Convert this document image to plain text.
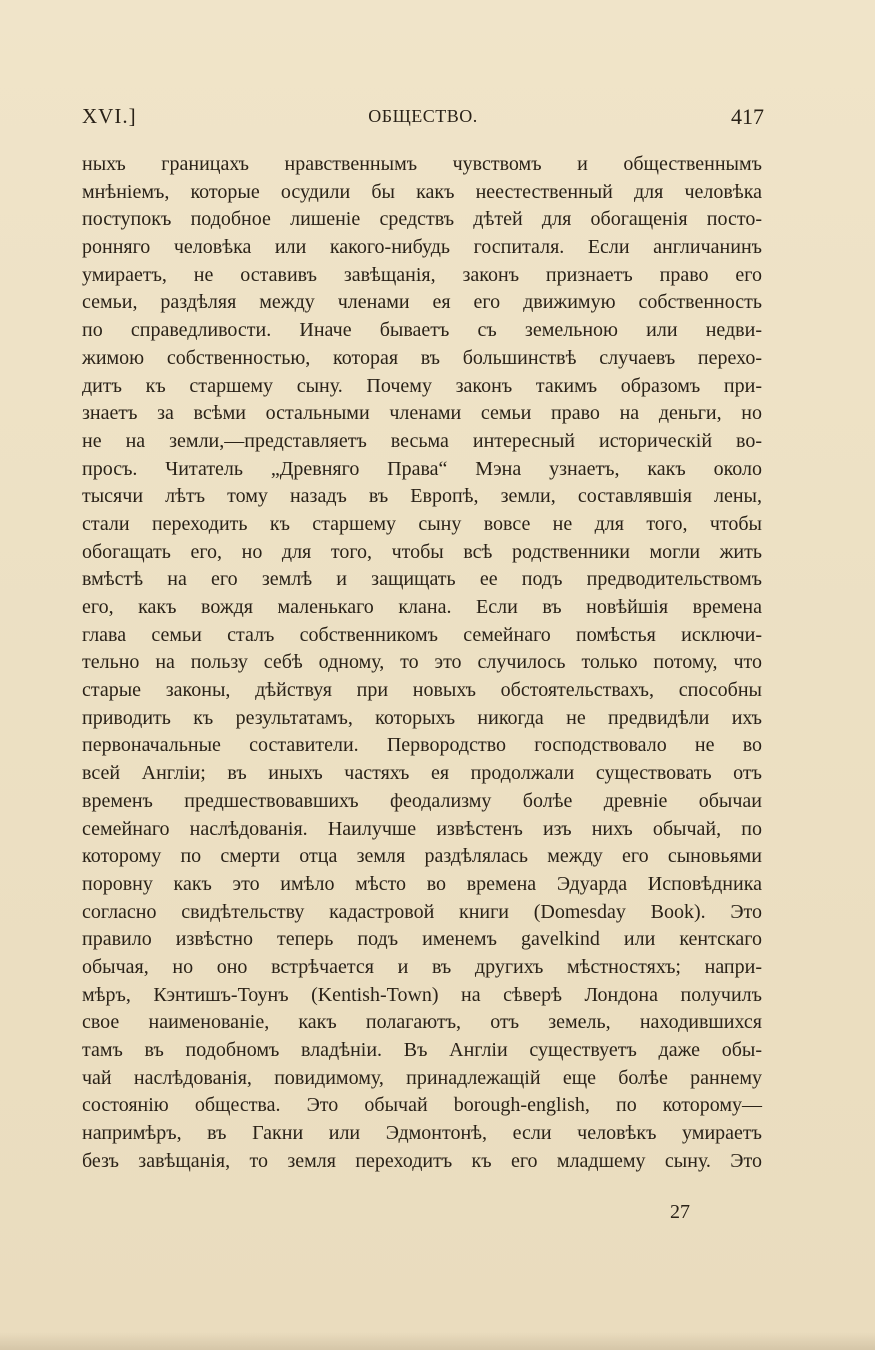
XVI.]	ОБЩЕСТВО.	417
ныхъ границахъ нравственнымъ чувствомъ и общественнымъ
мнѣніемъ, которые осудили бы какъ неестественный для человѣка
поступокъ подобное лишеніе средствъ дѣтей для обогащенія посто-
ронняго человѣка или какого-нибудь госпиталя. Если англичанинъ
умираетъ, не оставивъ завѣщанія, законъ признаетъ право его
семьи, раздѣляя между членами ея его движимую собственность
по справедливости. Иначе бываетъ съ земельною или недви-
жимою собственностью, которая въ большинствѣ случаевъ перехо-
дитъ къ старшему сыну. Почему законъ такимъ образомъ при-
знаетъ за всѣми остальными членами семьи право на деньги, но
не на земли,—представляетъ весьма интересный историческій во-
просъ. Читатель „Древняго Права“ Мэна узнаетъ, какъ около
тысячи лѣтъ тому назадъ въ Европѣ, земли, составлявшія лены,
стали переходить къ старшему сыну вовсе не для того, чтобы
обогащать его, но для того, чтобы всѣ родственники могли жить
вмѣстѣ на его землѣ и защищать ее подъ предводительствомъ
его, какъ вождя маленькаго клана. Если въ новѣйшія времена
глава семьи сталъ собственникомъ семейнаго помѣстья исключи-
тельно на пользу себѣ одному, то это случилось только потому, что
старые законы, дѣйствуя при новыхъ обстоятельствахъ, способны
приводить къ результатамъ, которыхъ никогда не предвидѣли ихъ
первоначальные составители. Первородство господствовало не во
всей Англіи; въ иныхъ частяхъ ея продолжали существовать отъ
временъ предшествовавшихъ феодализму болѣе древніе обычаи
семейнаго наслѣдованія. Наилучше извѣстенъ изъ нихъ обычай, по
которому по смерти отца земля раздѣлялась между его сыновьями
поровну какъ это имѣло мѣсто во времена Эдуарда Исповѣдника
согласно свидѣтельству кадастровой книги (Domesday Book). Это
правило извѣстно теперь подъ именемъ gavelkind или кентскаго
обычая, но оно встрѣчается и въ другихъ мѣстностяхъ; напри-
мѣръ, Кэнтишъ-Тоунъ (Kentish-Town) на сѣверѣ Лондона получилъ
свое наименованіе, какъ полагаютъ, отъ земель, находившихся
тамъ въ подобномъ владѣніи. Въ Англіи существуетъ даже обы-
чай наслѣдованія, повидимому, принадлежащій еще болѣе раннему
состоянію общества. Это обычай borough-english, по которому—
напримѣръ, въ Гакни или Эдмонтонѣ, если человѣкъ умираетъ
безъ завѣщанія, то земля переходитъ къ его младшему сыну. Это
27
